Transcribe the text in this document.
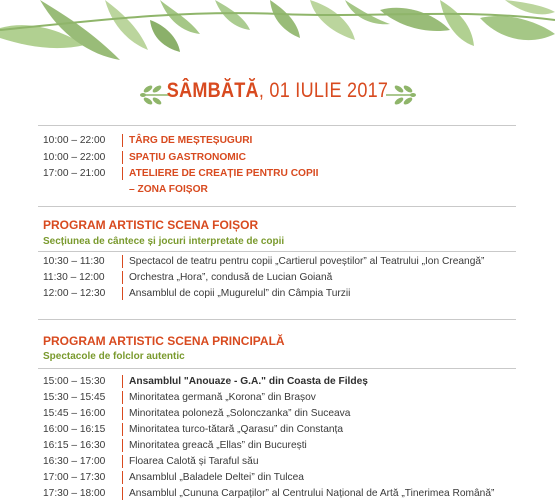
SÂMBĂTĂ, 01 IULIE 2017
10:00 – 22:00	TÂRG DE MEȘTEȘUGURI
10:00 – 22:00	SPAȚIU GASTRONOMIC
17:00 – 21:00	ATELIERE DE CREAȚIE PENTRU COPII
– ZONA FOIȘOR
PROGRAM ARTISTIC SCENA FOIȘOR
Secțiunea de cântece și jocuri interpretate de copii
10:30 – 11:30	Spectacol de teatru pentru copii „Cartierul poveștilor” al Teatrului „Ion Creangă”
11:30 – 12:00	Orchestra „Hora”, condusă de Lucian Goiană
12:00 – 12:30	Ansamblul de copii „Mugurelul” din Câmpia Turzii
PROGRAM ARTISTIC SCENA PRINCIPALĂ
Spectacole de folclor autentic
15:00 – 15:30	Ansamblul "Anouaze - G.A." din Coasta de Fildeș
15:30 – 15:45	Minoritatea germană „Korona” din Brașov
15:45 – 16:00	Minoritatea poloneză „Solonczanka” din Suceava
16:00 – 16:15	Minoritatea turco-tătară „Qarasu” din Constanța
16:15 – 16:30	Minoritatea greacă „Ellas” din București
16:30 – 17:00	Floarea Calotă și Taraful său
17:00 – 17:30	Ansamblul „Baladele Deltei” din Tulcea
17:30 – 18:00	Ansamblul „Cununa Carpaților” al Centrului Național de Artă „Tinerimea Română”
